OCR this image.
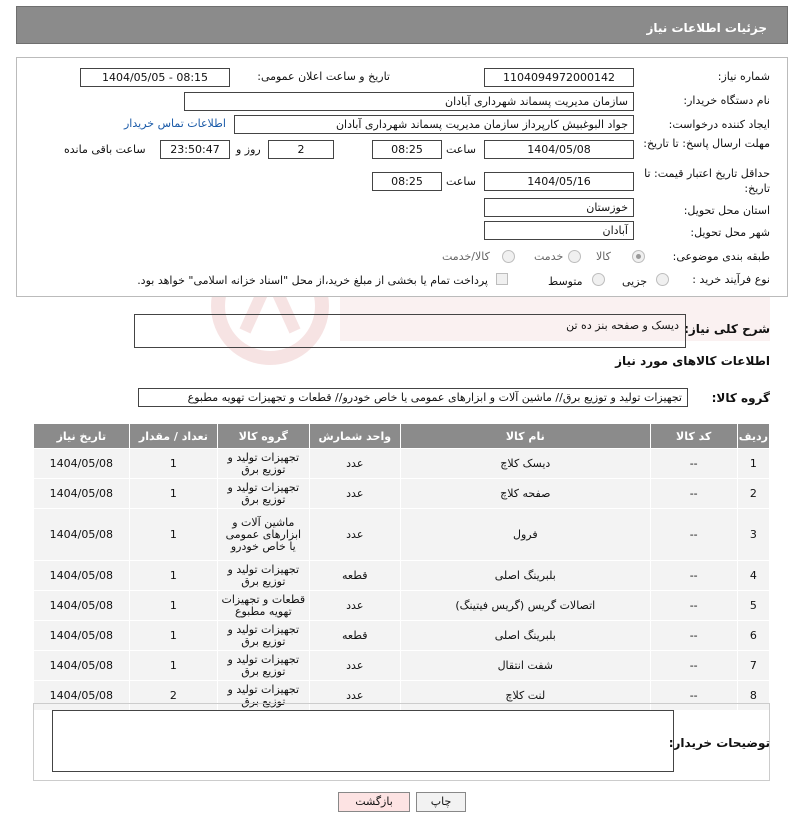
جزئیات اطلاعات نیاز
شماره نیاز:
1104094972000142
تاریخ و ساعت اعلان عمومی:
1404/05/05 - 08:15
نام دستگاه خریدار:
سازمان مدیریت پسماند شهرداری آبادان
ایجاد کننده درخواست:
جواد البوغبیش کارپرداز سازمان مدیریت پسماند شهرداری آبادان
اطلاعات تماس خریدار
مهلت ارسال پاسخ: تا تاریخ:
1404/05/08
ساعت
08:25
2
روز و
23:50:47
ساعت باقی مانده
حداقل تاریخ اعتبار قیمت: تا تاریخ:
1404/05/16
ساعت
08:25
استان محل تحویل:
خوزستان
شهر محل تحویل:
آبادان
طبقه بندی موضوعی:
کالا
خدمت
کالا/خدمت
نوع فرآیند خرید :
جزیی
متوسط
پرداخت تمام یا بخشی از مبلغ خرید،از محل "اسناد خزانه اسلامی" خواهد بود.
شرح کلی نیاز:
دیسک و صفحه بنز ده تن
اطلاعات کالاهای مورد نیاز
گروه کالا:
تجهیزات تولید و توزیع برق// ماشین آلات و ابزارهای عمومی یا خاص خودرو// قطعات و تجهیزات تهویه مطبوع
ردیف	کد کالا	نام کالا	واحد شمارش	گروه کالا	تعداد / مقدار	تاریخ نیاز
1	--	دیسک کلاچ	عدد	تجهیزات تولید و توزیع برق	1	1404/05/08
2	--	صفحه کلاچ	عدد	تجهیزات تولید و توزیع برق	1	1404/05/08
3	--	فرول	عدد	ماشین آلات و ابزارهای عمومی یا خاص خودرو	1	1404/05/08
4	--	بلبرینگ اصلی	قطعه	تجهیزات تولید و توزیع برق	1	1404/05/08
5	--	اتصالات گریس (گریس فیتینگ)	عدد	قطعات و تجهیزات تهویه مطبوع	1	1404/05/08
6	--	بلبرینگ اصلی	قطعه	تجهیزات تولید و توزیع برق	1	1404/05/08
7	--	شفت انتقال	عدد	تجهیزات تولید و توزیع برق	1	1404/05/08
8	--	لنت کلاچ	عدد	تجهیزات تولید و توزیع برق	2	1404/05/08
توضیحات خریدار:
چاپ
بازگشت
